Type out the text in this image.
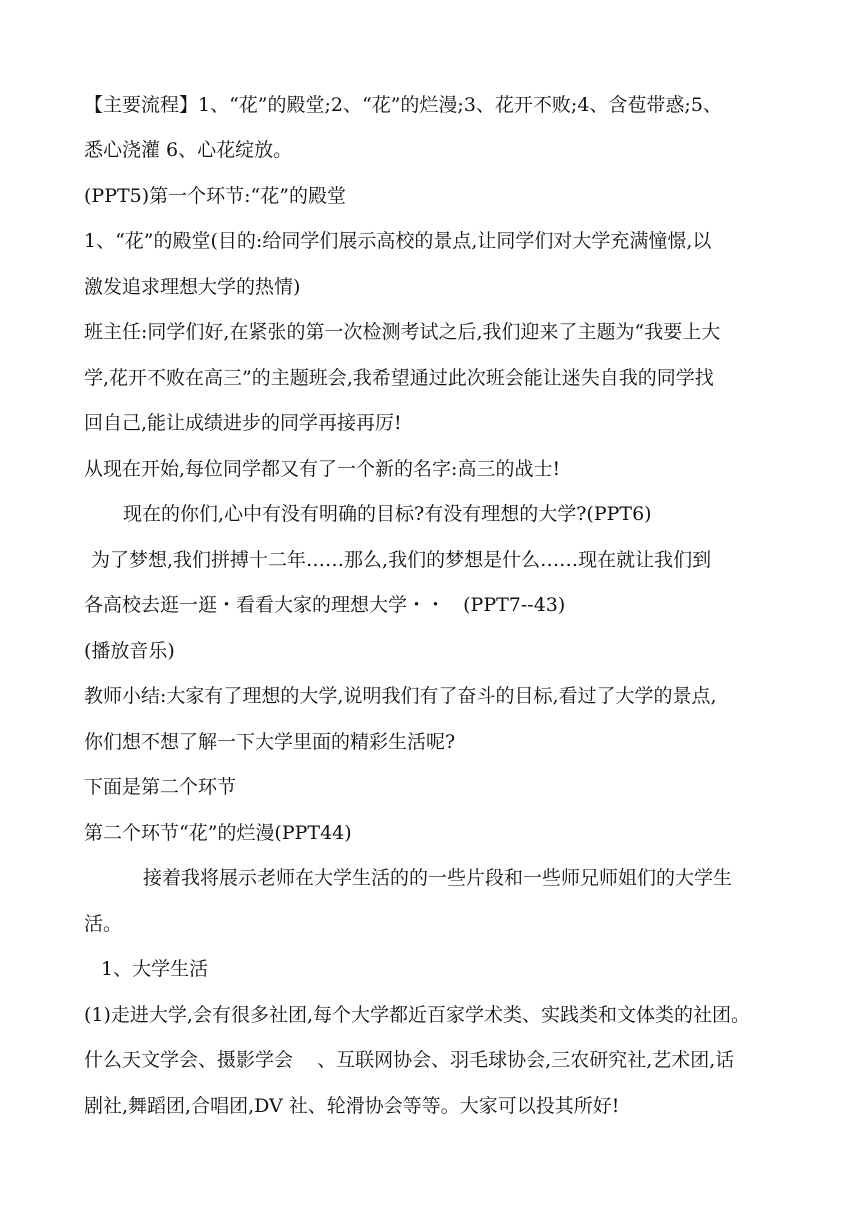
【主要流程】1、“花”的殿堂;2、“花”的烂漫;3、花开不败;4、含苞带惑;5、
悉心浇灌 6、心花绽放。
(PPT5)第一个环节:“花”的殿堂
1、“花”的殿堂(目的:给同学们展示高校的景点,让同学们对大学充满憧憬,以
激发追求理想大学的热情)
班主任:同学们好,在紧张的第一次检测考试之后,我们迎来了主题为“我要上大
学,花开不败在高三”的主题班会,我希望通过此次班会能让迷失自我的同学找
回自己,能让成绩进步的同学再接再厉!
从现在开始,每位同学都又有了一个新的名字:高三的战士!
现在的你们,心中有没有明确的目标?有没有理想的大学?(PPT6)
为了梦想,我们拼搏十二年……那么,我们的梦想是什么……现在就让我们到
各高校去逛一逛・看看大家的理想大学・・   (PPT7--43)
(播放音乐)
教师小结:大家有了理想的大学,说明我们有了奋斗的目标,看过了大学的景点,
你们想不想了解一下大学里面的精彩生活呢?
下面是第二个环节
第二个环节“花”的烂漫(PPT44)
接着我将展示老师在大学生活的的一些片段和一些师兄师姐们的大学生
活。
1、大学生活
(1)走进大学,会有很多社团,每个大学都近百家学术类、实践类和文体类的社团。
什么天文学会、摄影学会    、互联网协会、羽毛球协会,三农研究社,艺术团,话
剧社,舞蹈团,合唱团,DV 社、轮滑协会等等。大家可以投其所好!
